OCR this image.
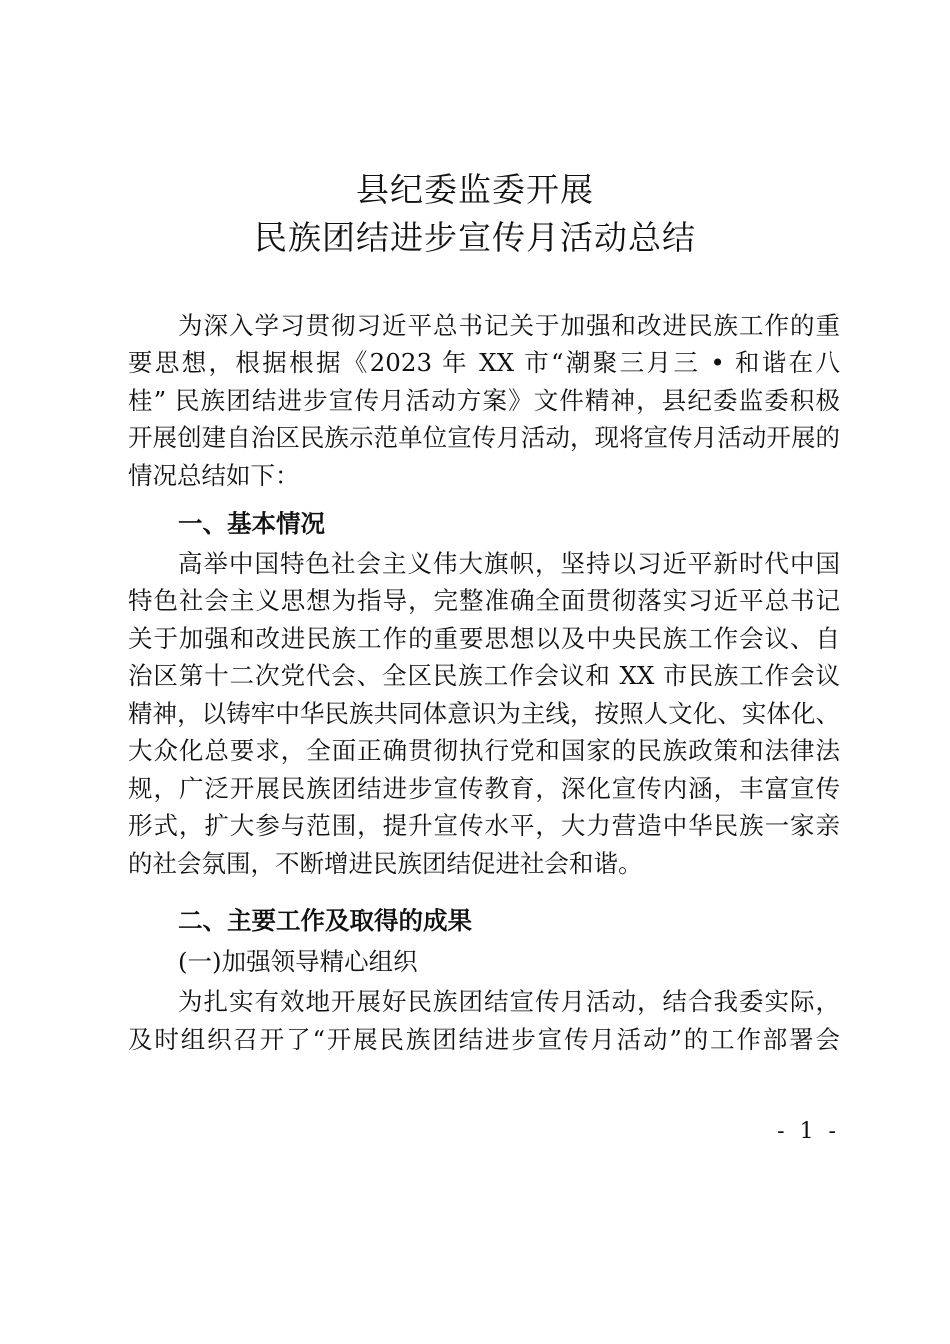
县纪委监委开展
民族团结进步宣传月活动总结
为深入学习贯彻习近平总书记关于加强和改进民族工作的重
要思想，根据根据《2023 年 XX 市“潮聚三月三 • 和谐在八
桂” 民族团结进步宣传月活动方案》文件精神，县纪委监委积极
开展创建自治区民族示范单位宣传月活动，现将宣传月活动开展的
情况总结如下：
一、基本情况
高举中国特色社会主义伟大旗帜，坚持以习近平新时代中国
特色社会主义思想为指导，完整准确全面贯彻落实习近平总书记
关于加强和改进民族工作的重要思想以及中央民族工作会议、自
治区第十二次党代会、全区民族工作会议和 XX 市民族工作会议
精神，以铸牢中华民族共同体意识为主线，按照人文化、实体化、
大众化总要求，全面正确贯彻执行党和国家的民族政策和法律法
规，广泛开展民族团结进步宣传教育，深化宣传内涵，丰富宣传
形式，扩大参与范围，提升宣传水平，大力营造中华民族一家亲
的社会氛围，不断增进民族团结促进社会和谐。
二、主要工作及取得的成果
(一)加强领导精心组织
为扎实有效地开展好民族团结宣传月活动，结合我委实际，
及时组织召开了“开展民族团结进步宣传月活动”的工作部署会
- 1 -
